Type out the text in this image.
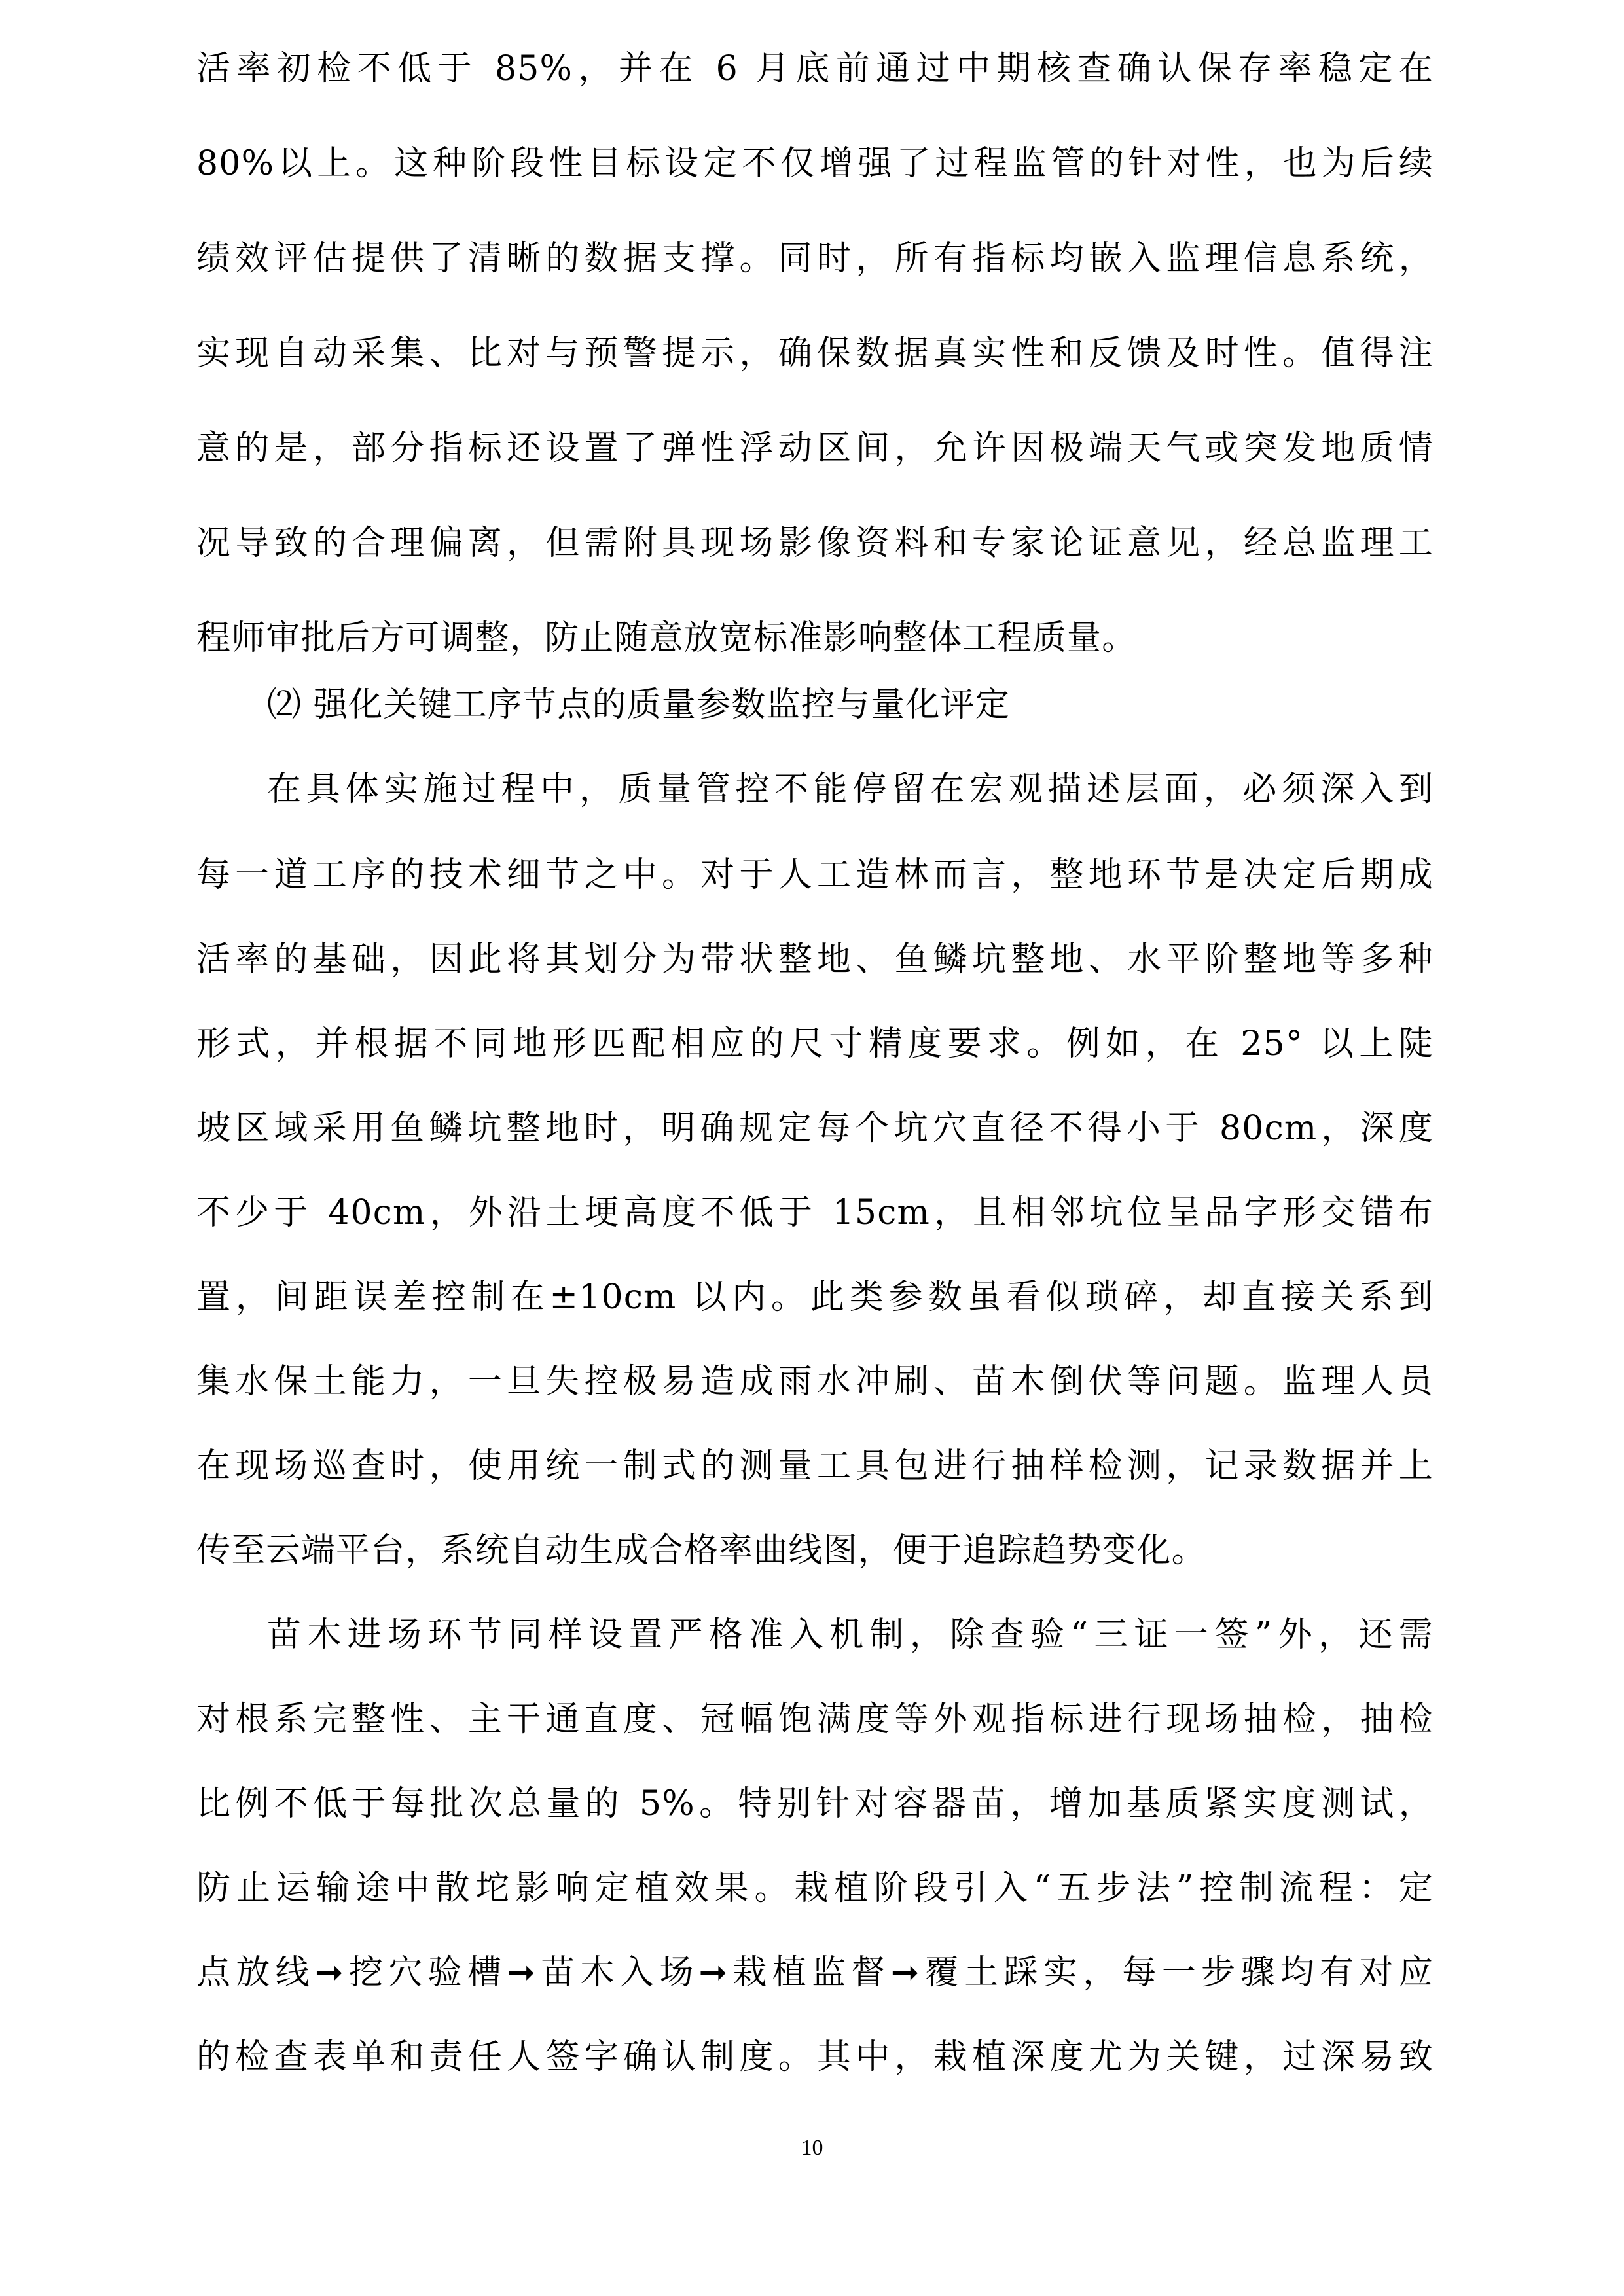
活率初检不低于 85%，并在 6 月底前通过中期核查确认保存率稳定在
80%以上。这种阶段性目标设定不仅增强了过程监管的针对性，也为后续
绩效评估提供了清晰的数据支撑。同时，所有指标均嵌入监理信息系统，
实现自动采集、比对与预警提示，确保数据真实性和反馈及时性。值得注
意的是，部分指标还设置了弹性浮动区间，允许因极端天气或突发地质情
况导致的合理偏离，但需附具现场影像资料和专家论证意见，经总监理工
程师审批后方可调整，防止随意放宽标准影响整体工程质量。
⑵ 强化关键工序节点的质量参数监控与量化评定
在具体实施过程中，质量管控不能停留在宏观描述层面，必须深入到
每一道工序的技术细节之中。对于人工造林而言，整地环节是决定后期成
活率的基础，因此将其划分为带状整地、鱼鳞坑整地、水平阶整地等多种
形式，并根据不同地形匹配相应的尺寸精度要求。例如，在 25° 以上陡
坡区域采用鱼鳞坑整地时，明确规定每个坑穴直径不得小于 80cm，深度
不少于 40cm，外沿土埂高度不低于 15cm，且相邻坑位呈品字形交错布
置，间距误差控制在±10cm 以内。此类参数虽看似琐碎，却直接关系到
集水保土能力，一旦失控极易造成雨水冲刷、苗木倒伏等问题。监理人员
在现场巡查时，使用统一制式的测量工具包进行抽样检测，记录数据并上
传至云端平台，系统自动生成合格率曲线图，便于追踪趋势变化。
苗木进场环节同样设置严格准入机制，除查验“三证一签”外，还需
对根系完整性、主干通直度、冠幅饱满度等外观指标进行现场抽检，抽检
比例不低于每批次总量的 5%。特别针对容器苗，增加基质紧实度测试，
防止运输途中散坨影响定植效果。栽植阶段引入“五步法”控制流程：定
点放线➞挖穴验槽➞苗木入场➞栽植监督➞覆土踩实，每一步骤均有对应
的检查表单和责任人签字确认制度。其中，栽植深度尤为关键，过深易致
10
